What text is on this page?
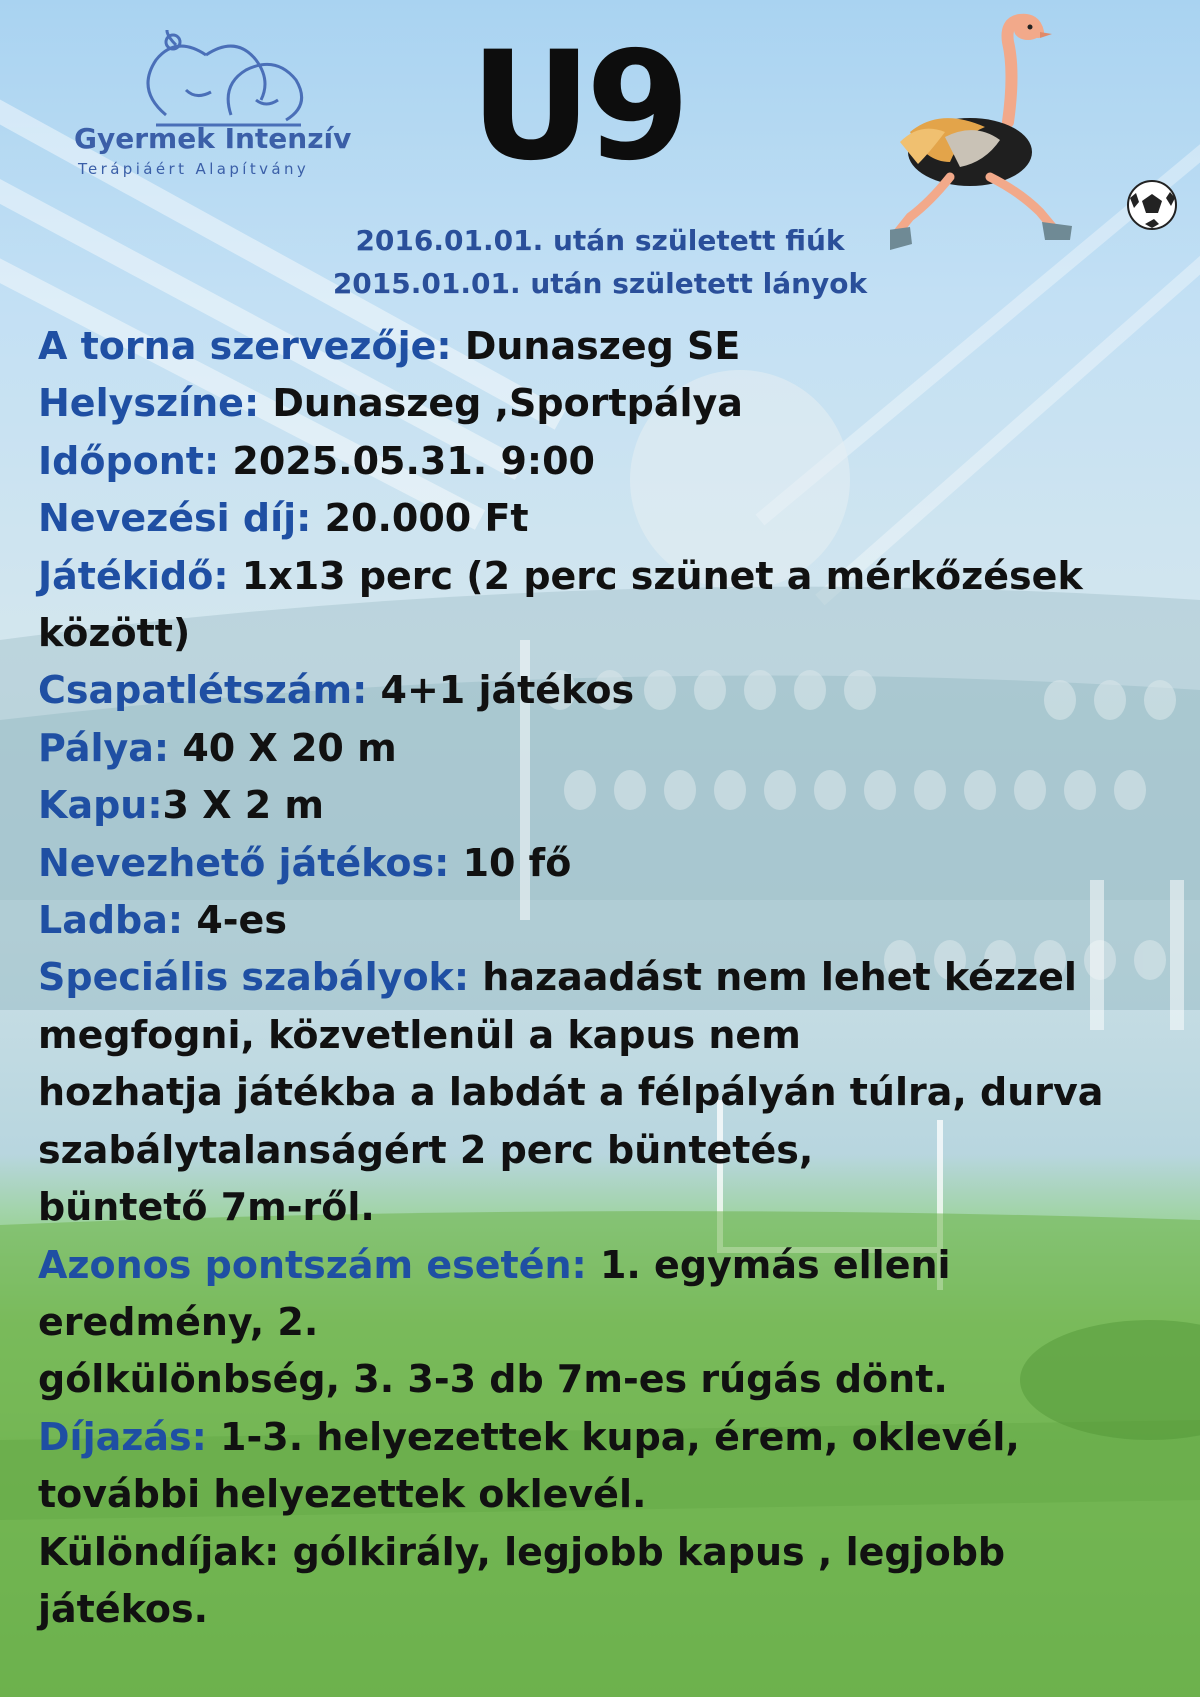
Gyermek Intenzív
Terápiáért Alapítvány	U9
2016.01.01. után született fiúk
2015.01.01. után született lányok

A torna szervezője: Dunaszeg SE

Helyszíne: Dunaszeg ,Sportpálya

Időpont: 2025.05.31. 9:00

Nevezési díj: 20.000 Ft

Játékidő: 1x13 perc (2 perc szünet a mérkőzések között)

Csapatlétszám: 4+1 játékos

Pálya: 40 X 20 m

Kapu:3 X 2 m

Nevezhető játékos: 10 fő

Ladba: 4-es

Speciális szabályok: hazaadást nem lehet kézzel megfogni, közvetlenül a kapus nem

hozhatja játékba a labdát a félpályán túlra, durva szabálytalanságért 2 perc büntetés,

büntető 7m-ről.

Azonos pontszám esetén: 1. egymás elleni eredmény, 2.

gólkülönbség, 3. 3-3 db 7m-es rúgás dönt.

Díjazás: 1-3. helyezettek kupa, érem, oklevél, további helyezettek oklevél.

Különdíjak: gólkirály, legjobb kapus , legjobb játékos.
